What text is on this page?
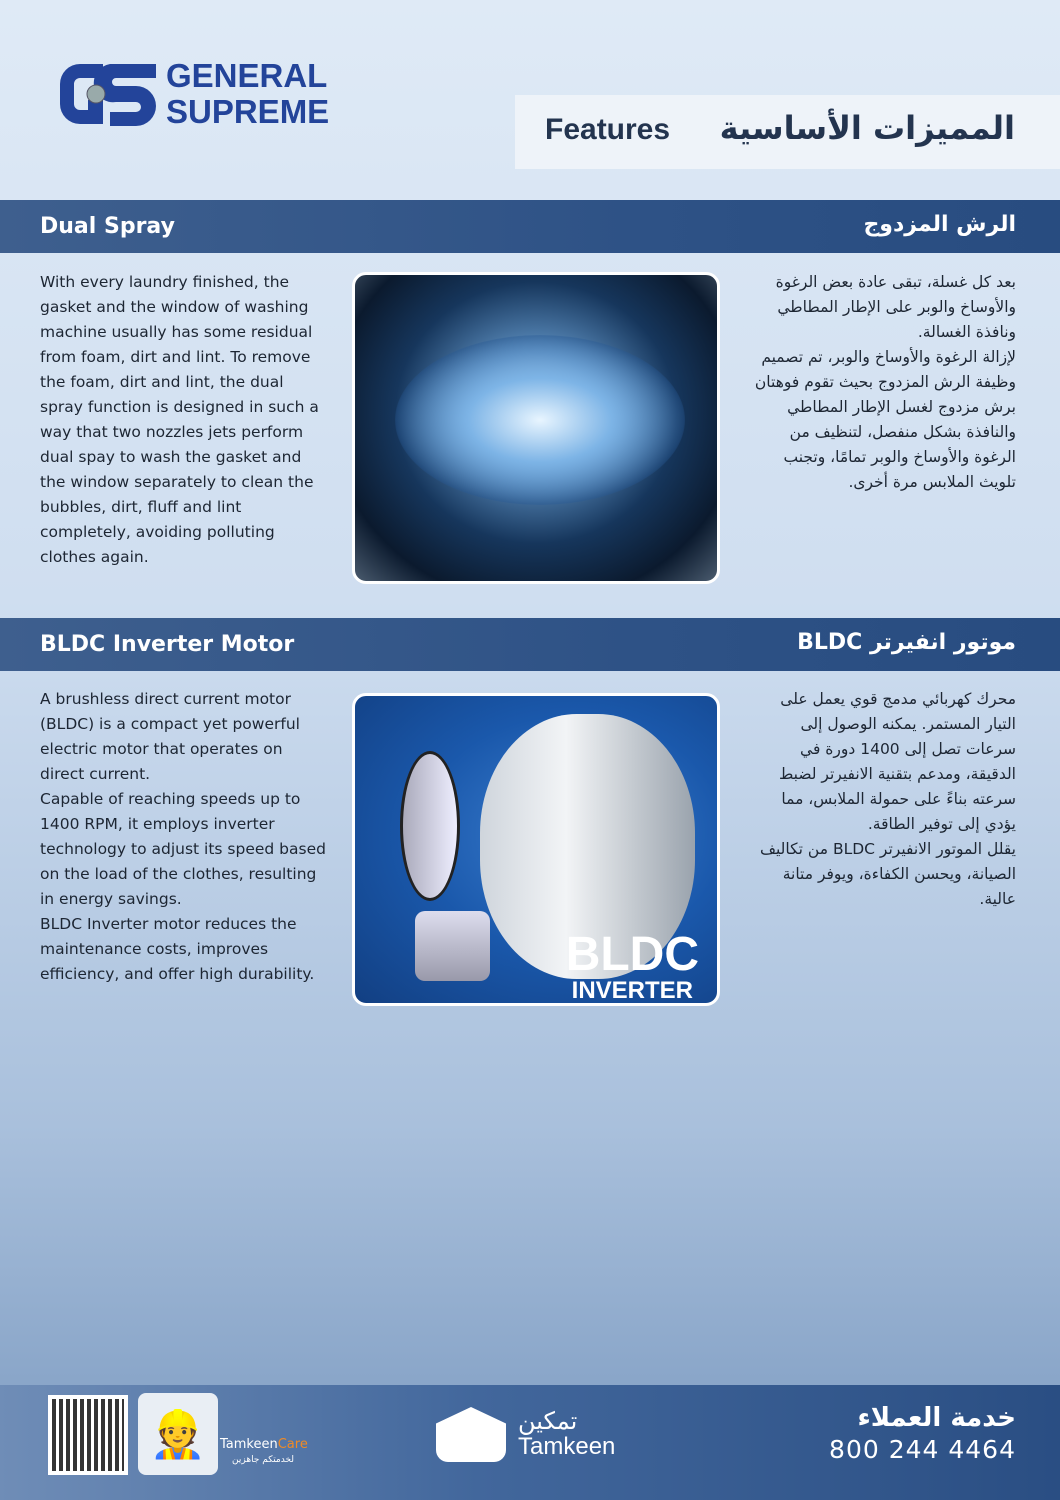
GENERAL
SUPREME	Features المميزات الأساسية
Dual Spray	الرش المزدوج
With every laundry finished, the gasket and the window of washing machine usually has some residual from foam, dirt and lint. To remove the foam, dirt and lint, the dual spray function is designed in such a way that two nozzles jets perform dual spay to wash the gasket and the window separately to clean the bubbles, dirt, fluff and lint completely, avoiding polluting clothes again.
بعد كل غسلة، تبقى عادة بعض الرغوة والأوساخ والوبر على الإطار المطاطي ونافذة الغسالة.
لإزالة الرغوة والأوساخ والوبر، تم تصميم وظيفة الرش المزدوج بحيث تقوم فوهتان برش مزدوج لغسل الإطار المطاطي والنافذة بشكل منفصل، لتنظيف من الرغوة والأوساخ والوبر تمامًا، وتجنب تلويث الملابس مرة أخرى.
BLDC Inverter Motor	موتور انفيرتر BLDC
A brushless direct current motor (BLDC) is a compact yet powerful electric motor that operates on direct current.
Capable of reaching speeds up to 1400 RPM, it employs inverter technology to adjust its speed based on the load of the clothes, resulting in energy savings.
BLDC Inverter motor reduces the maintenance costs, improves efficiency, and offer high durability.	BLDC
INVERTER
محرك كهربائي مدمج قوي يعمل على التيار المستمر. يمكنه الوصول إلى سرعات تصل إلى 1400 دورة في الدقيقة، ومدعم بتقنية الانفيرتر لضبط سرعته بناءً على حمولة الملابس، مما يؤدي إلى توفير الطاقة.
يقلل الموتور الانفيرتر BLDC من تكاليف الصيانة، ويحسن الكفاءة، ويوفر متانة عالية.
👷	TamkeenCare
لخدمتكم جاهزين
تمكين
Tamkeen
خدمة العملاء
800 244 4464
